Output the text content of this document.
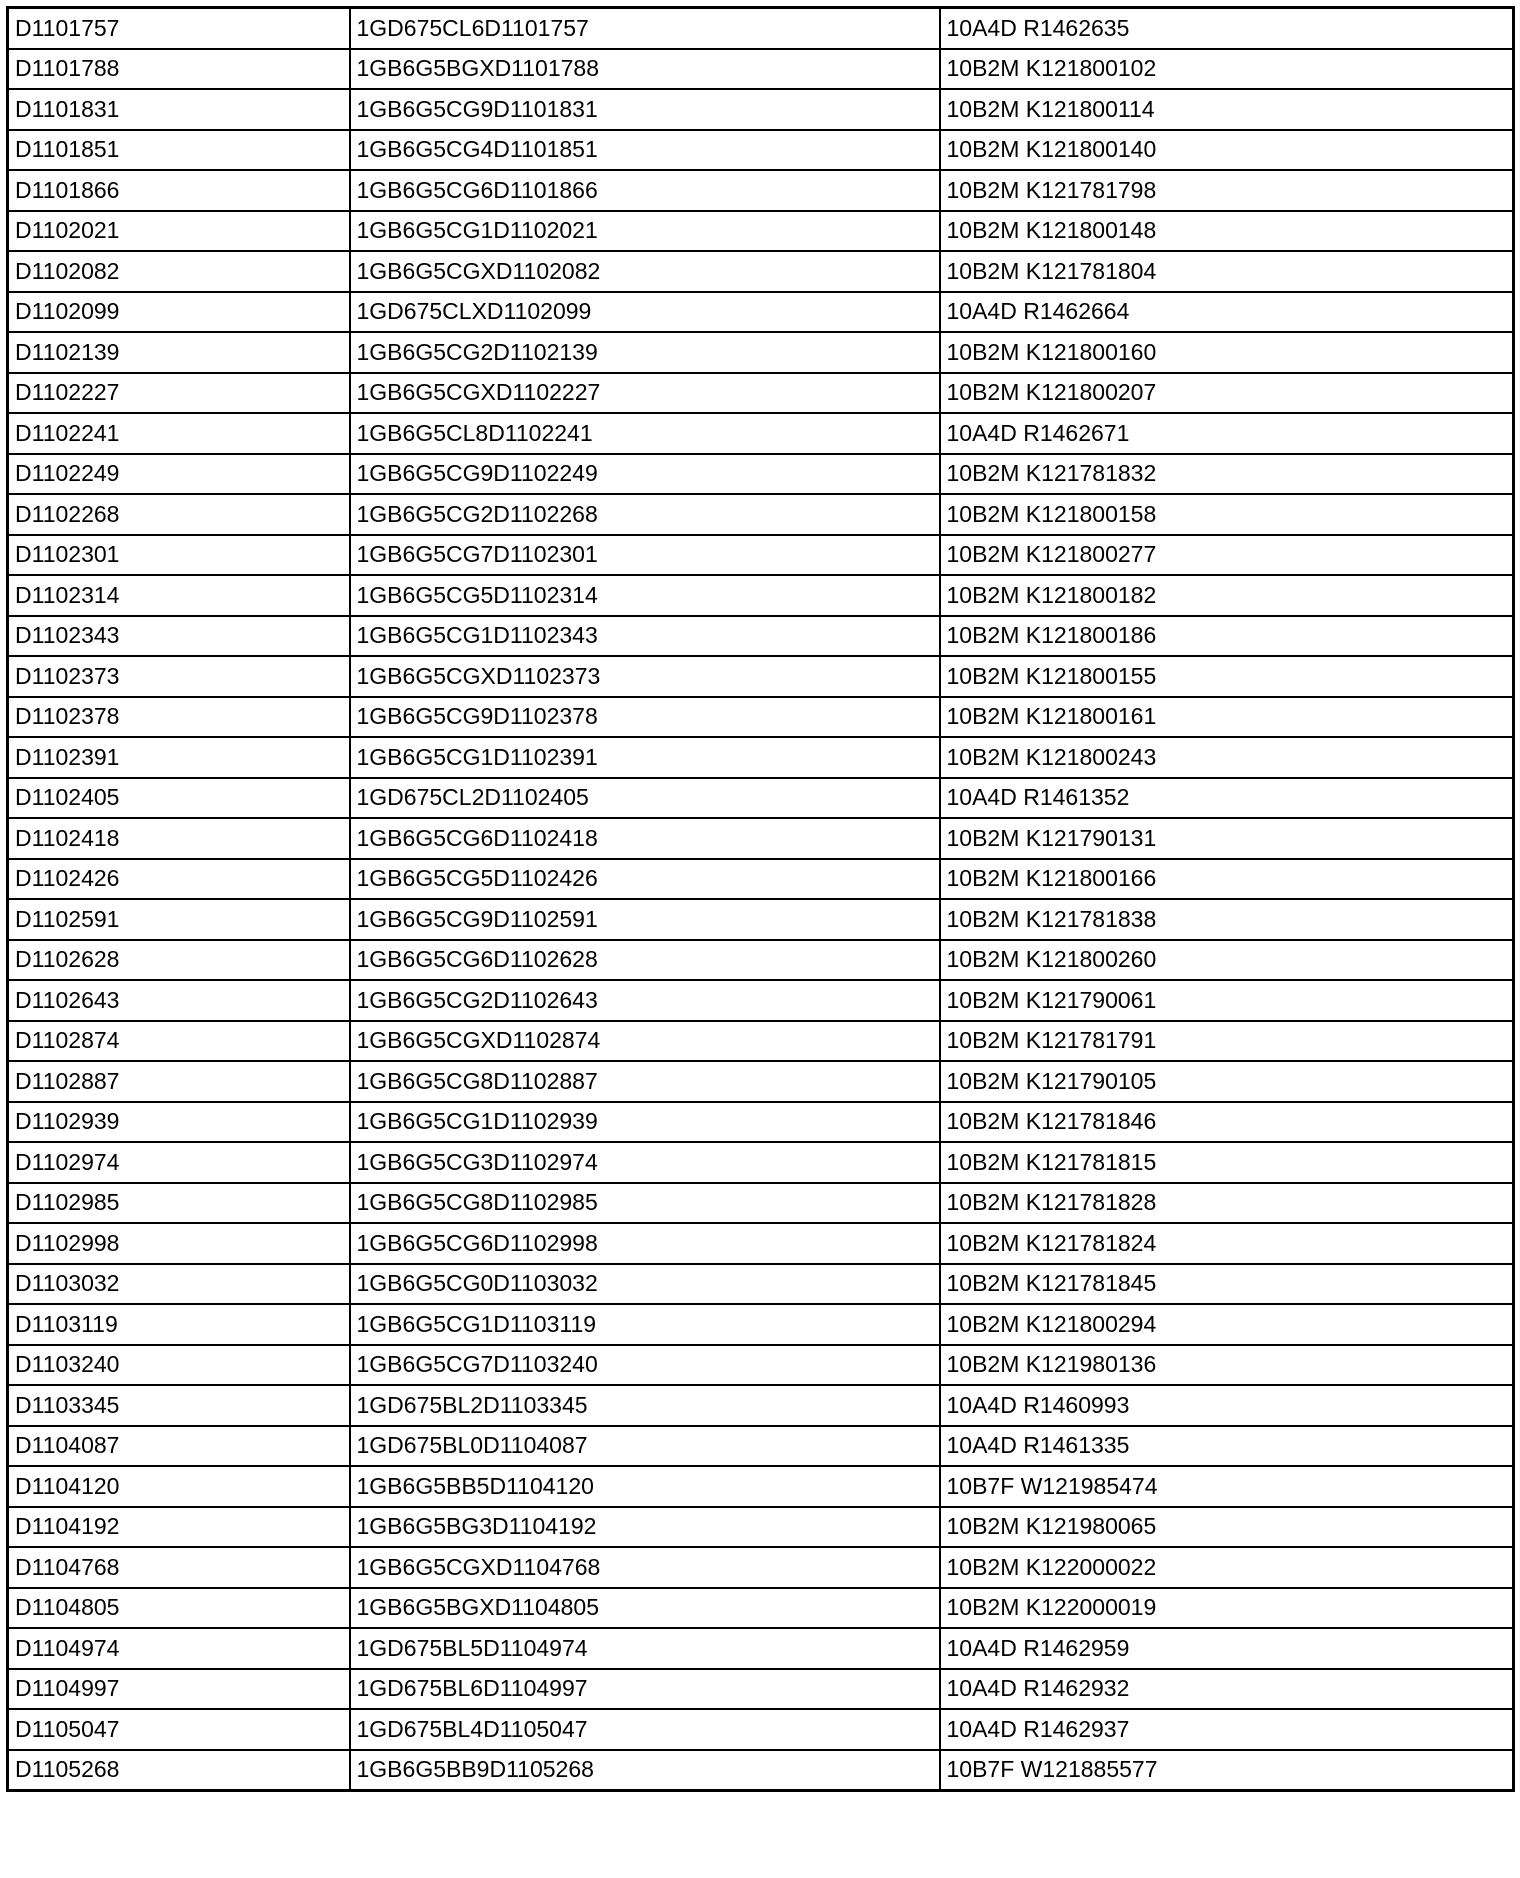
D1101757	1GD675CL6D1101757	10A4D R1462635
D1101788	1GB6G5BGXD1101788	10B2M K121800102
D1101831	1GB6G5CG9D1101831	10B2M K121800114
D1101851	1GB6G5CG4D1101851	10B2M K121800140
D1101866	1GB6G5CG6D1101866	10B2M K121781798
D1102021	1GB6G5CG1D1102021	10B2M K121800148
D1102082	1GB6G5CGXD1102082	10B2M K121781804
D1102099	1GD675CLXD1102099	10A4D R1462664
D1102139	1GB6G5CG2D1102139	10B2M K121800160
D1102227	1GB6G5CGXD1102227	10B2M K121800207
D1102241	1GB6G5CL8D1102241	10A4D R1462671
D1102249	1GB6G5CG9D1102249	10B2M K121781832
D1102268	1GB6G5CG2D1102268	10B2M K121800158
D1102301	1GB6G5CG7D1102301	10B2M K121800277
D1102314	1GB6G5CG5D1102314	10B2M K121800182
D1102343	1GB6G5CG1D1102343	10B2M K121800186
D1102373	1GB6G5CGXD1102373	10B2M K121800155
D1102378	1GB6G5CG9D1102378	10B2M K121800161
D1102391	1GB6G5CG1D1102391	10B2M K121800243
D1102405	1GD675CL2D1102405	10A4D R1461352
D1102418	1GB6G5CG6D1102418	10B2M K121790131
D1102426	1GB6G5CG5D1102426	10B2M K121800166
D1102591	1GB6G5CG9D1102591	10B2M K121781838
D1102628	1GB6G5CG6D1102628	10B2M K121800260
D1102643	1GB6G5CG2D1102643	10B2M K121790061
D1102874	1GB6G5CGXD1102874	10B2M K121781791
D1102887	1GB6G5CG8D1102887	10B2M K121790105
D1102939	1GB6G5CG1D1102939	10B2M K121781846
D1102974	1GB6G5CG3D1102974	10B2M K121781815
D1102985	1GB6G5CG8D1102985	10B2M K121781828
D1102998	1GB6G5CG6D1102998	10B2M K121781824
D1103032	1GB6G5CG0D1103032	10B2M K121781845
D1103119	1GB6G5CG1D1103119	10B2M K121800294
D1103240	1GB6G5CG7D1103240	10B2M K121980136
D1103345	1GD675BL2D1103345	10A4D R1460993
D1104087	1GD675BL0D1104087	10A4D R1461335
D1104120	1GB6G5BB5D1104120	10B7F W121985474
D1104192	1GB6G5BG3D1104192	10B2M K121980065
D1104768	1GB6G5CGXD1104768	10B2M K122000022
D1104805	1GB6G5BGXD1104805	10B2M K122000019
D1104974	1GD675BL5D1104974	10A4D R1462959
D1104997	1GD675BL6D1104997	10A4D R1462932
D1105047	1GD675BL4D1105047	10A4D R1462937
D1105268	1GB6G5BB9D1105268	10B7F W121885577
